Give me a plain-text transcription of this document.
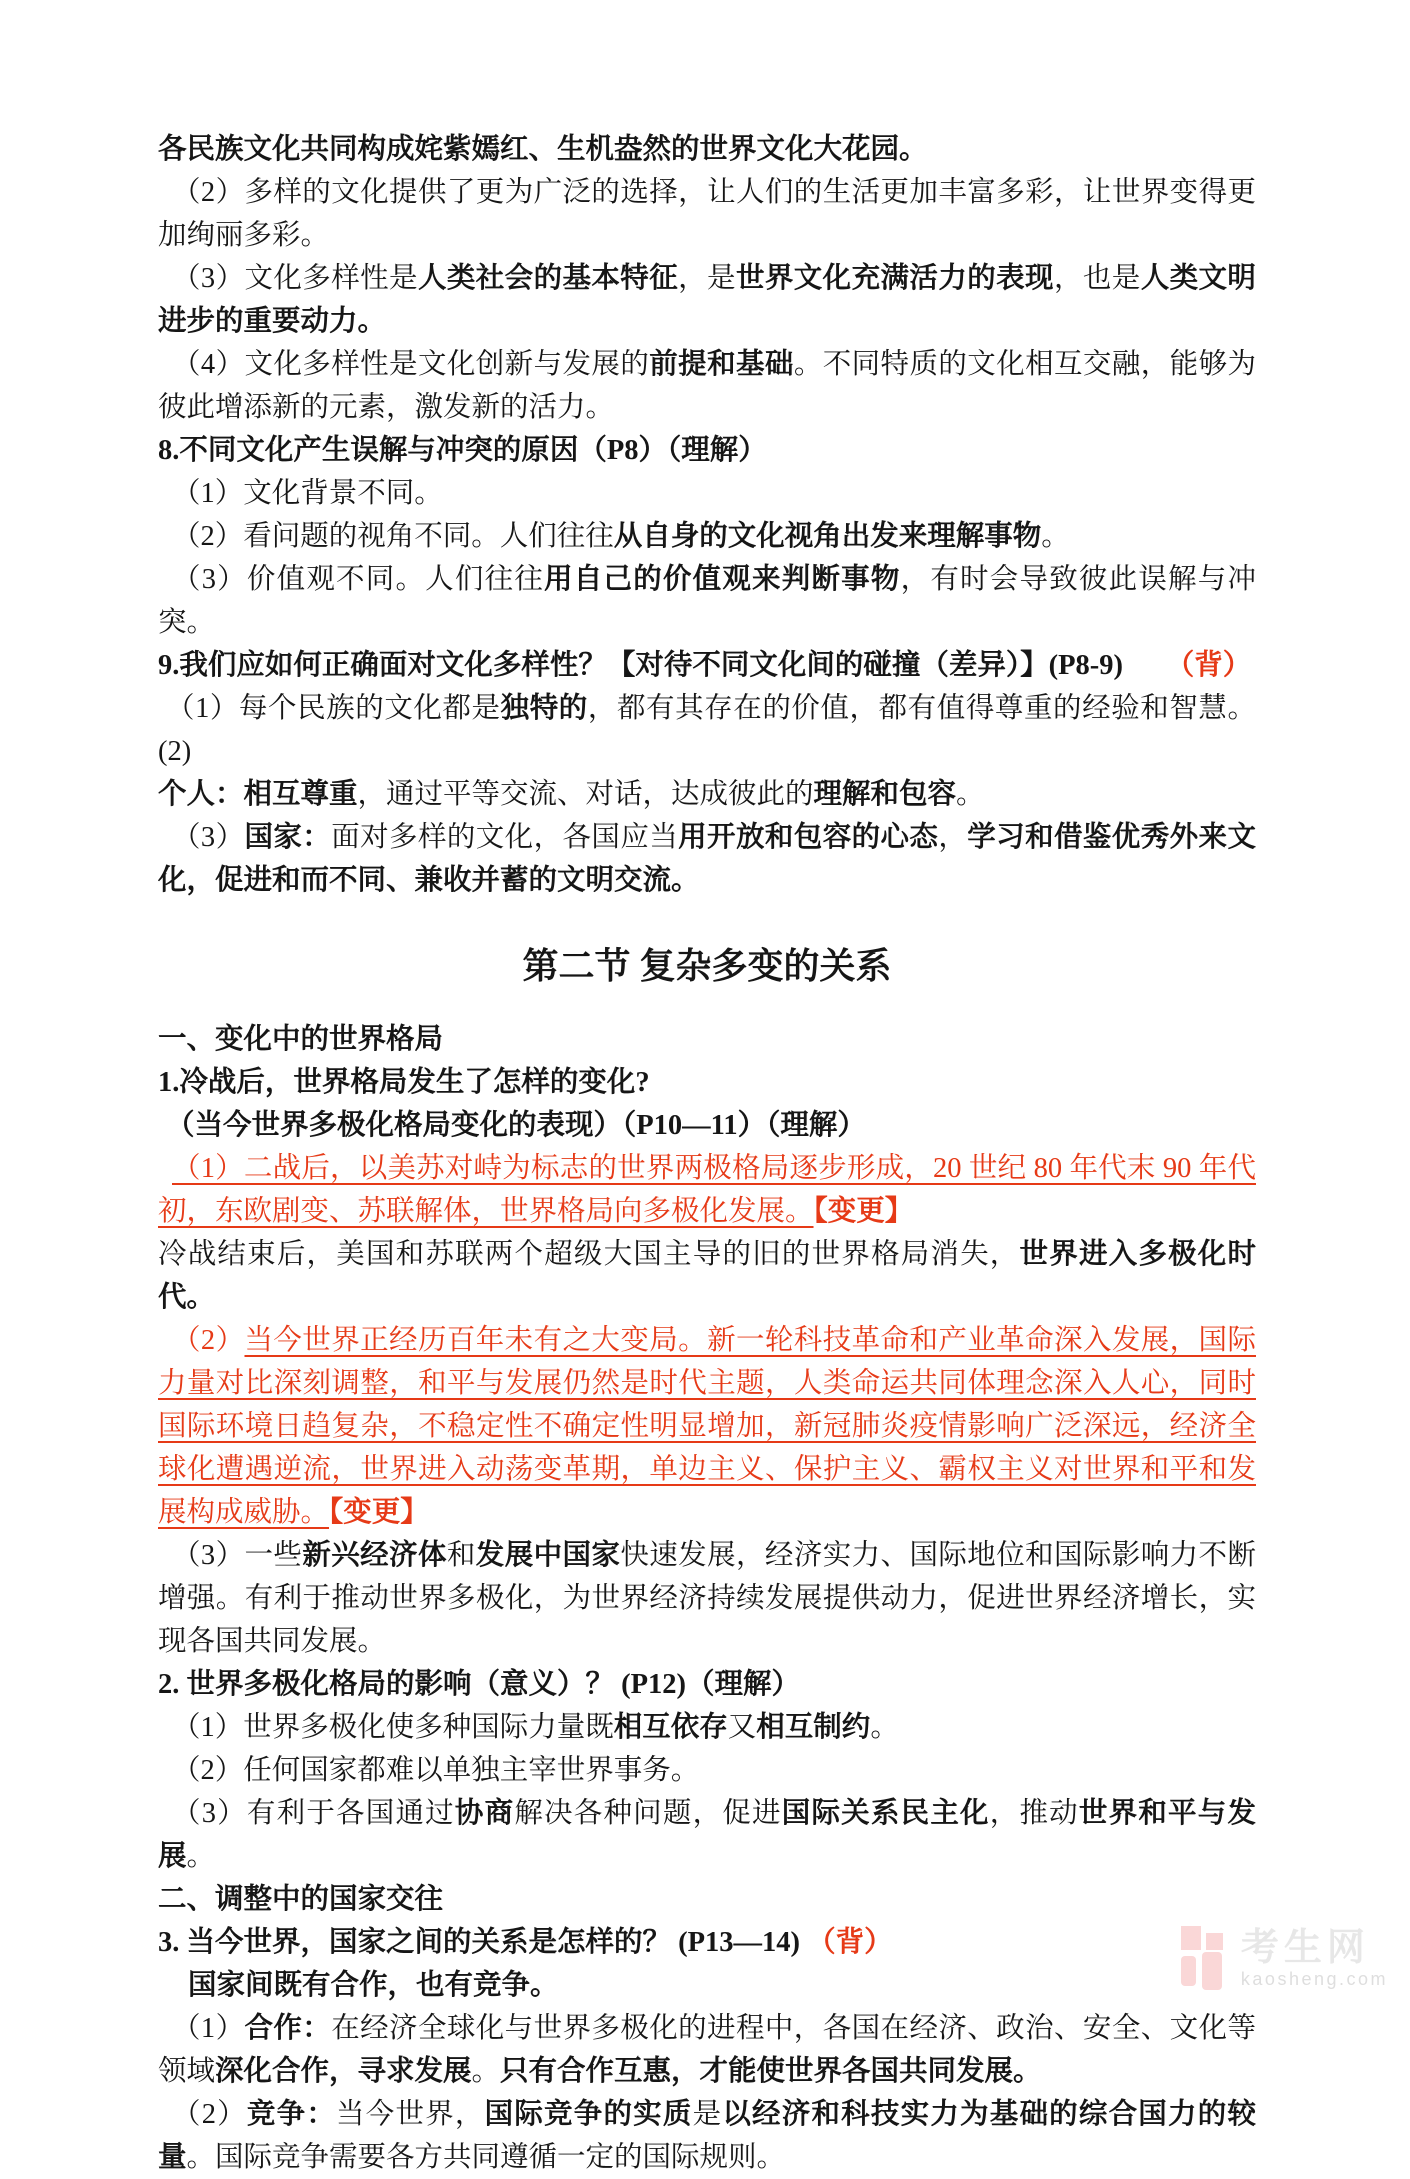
各民族文化共同构成姹紫嫣红、生机盎然的世界文化大花园。

（2）多样的文化提供了更为广泛的选择，让人们的生活更加丰富多彩，让世界变得更加绚丽多彩。

（3）文化多样性是人类社会的基本特征，是世界文化充满活力的表现，也是人类文明进步的重要动力。

（4）文化多样性是文化创新与发展的前提和基础。不同特质的文化相互交融，能够为彼此增添新的元素，激发新的活力。

8.不同文化产生误解与冲突的原因（P8）（理解）

（1）文化背景不同。

（2）看问题的视角不同。人们往往从自身的文化视角出发来理解事物。

（3）价值观不同。人们往往用自己的价值观来判断事物，有时会导致彼此误解与冲突。

9.我们应如何正确面对文化多样性？【对待不同文化间的碰撞（差异）】(P8-9)　　 （背）

（1）每个民族的文化都是独特的，都有其存在的价值，都有值得尊重的经验和智慧。(2)

个人：相互尊重，通过平等交流、对话，达成彼此的理解和包容。

（3）国家：面对多样的文化，各国应当用开放和包容的心态，学习和借鉴优秀外来文化，促进和而不同、兼收并蓄的文明交流。

第二节 复杂多变的关系

一、变化中的世界格局

1.冷战后，世界格局发生了怎样的变化?

（当今世界多极化格局变化的表现）（P10—11）（理解）

（1）二战后，以美苏对峙为标志的世界两极格局逐步形成，20 世纪 80 年代末 90 年代初，东欧剧变、苏联解体，世界格局向多极化发展。【变更】

冷战结束后，美国和苏联两个超级大国主导的旧的世界格局消失，世界进入多极化时代。

（2）当今世界正经历百年未有之大变局。新一轮科技革命和产业革命深入发展，国际力量对比深刻调整，和平与发展仍然是时代主题，人类命运共同体理念深入人心，同时国际环境日趋复杂，不稳定性不确定性明显增加，新冠肺炎疫情影响广泛深远，经济全球化遭遇逆流，世界进入动荡变革期，单边主义、保护主义、霸权主义对世界和平和发展构成威胁。【变更】

（3）一些新兴经济体和发展中国家快速发展，经济实力、国际地位和国际影响力不断增强。有利于推动世界多极化，为世界经济持续发展提供动力，促进世界经济增长，实现各国共同发展。

2. 世界多极化格局的影响（意义）？ (P12)（理解）

（1）世界多极化使多种国际力量既相互依存又相互制约。

（2）任何国家都难以单独主宰世界事务。

（3）有利于各国通过协商解决各种问题，促进国际关系民主化，推动世界和平与发展。

二、调整中的国家交往

3. 当今世界，国家之间的关系是怎样的？ (P13—14) （背）

国家间既有合作，也有竞争。

（1）合作：在经济全球化与世界多极化的进程中，各国在经济、政治、安全、文化等领域深化合作，寻求发展。只有合作互惠，才能使世界各国共同发展。

（2）竞争：当今世界，国际竞争的实质是以经济和科技实力为基础的综合国力的较量。国际竞争需要各方共同遵循一定的国际规则。

考生网
kaosheng.com
